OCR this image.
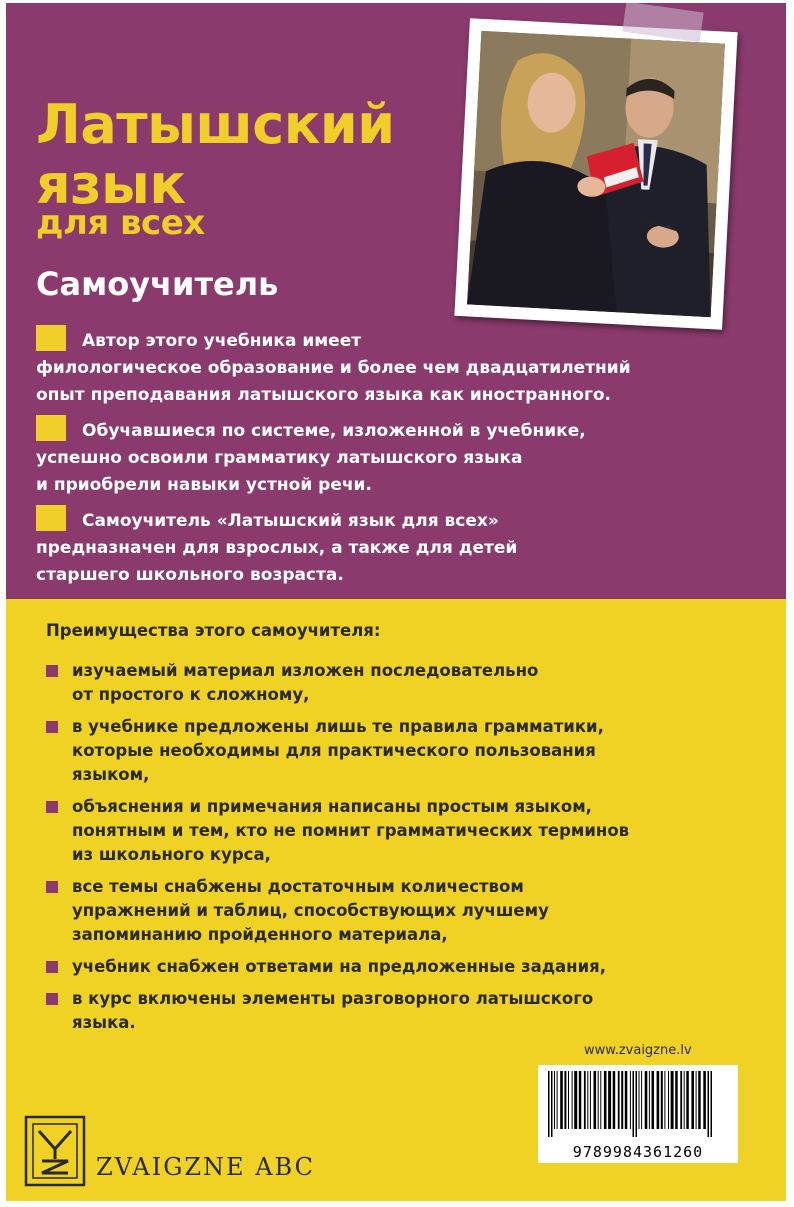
Латышский
язык
для всех
Самоучитель

Автор этого учебника имеет

филологическое образование и более чем двадцатилетний

опыт преподавания латышского языка как иностранного.

Обучавшиеся по системе, изложенной в учебнике,

успешно освоили грамматику латышского языка

и приобрели навыки устной речи.

Самоучитель «Латышский язык для всех»

предназначен для взрослых, а также для детей

старшего школьного возраста.

Преимущества этого самоучителя:
изучаемый материал изложен последовательно
от простого к сложному,
в учебнике предложены лишь те правила грамматики,
которые необходимы для практического пользования
языком,
объяснения и примечания написаны простым языком,
понятным и тем, кто не помнит грамматических терминов
из школьного курса,
все темы снабжены достаточным количеством
упражнений и таблиц, способствующих лучшему
запоминанию пройденного материала,
учебник снабжен ответами на предложенные задания,
в курс включены элементы разговорного латышского
языка.

www.zvaigzne.lv

9789984361260

ZVAIGZNE ABC
